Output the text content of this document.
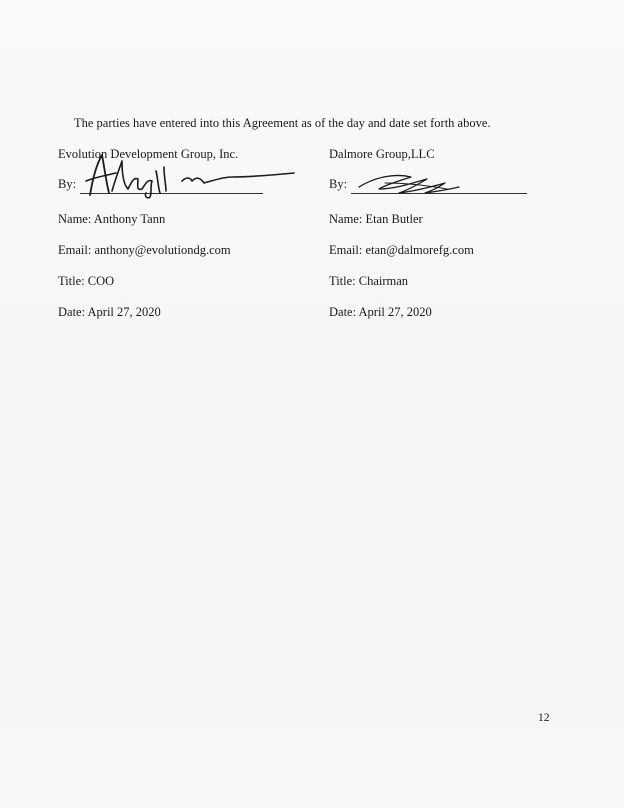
The parties have entered into this Agreement as of the day and date set forth above.
Evolution Development Group, Inc.
By:
Name: Anthony Tann
Email: anthony@evolutiondg.com
Title: COO
Date: April 27, 2020
Dalmore Group,LLC
By:
Name: Etan Butler
Email: etan@dalmorefg.com
Title: Chairman
Date: April 27, 2020
12
